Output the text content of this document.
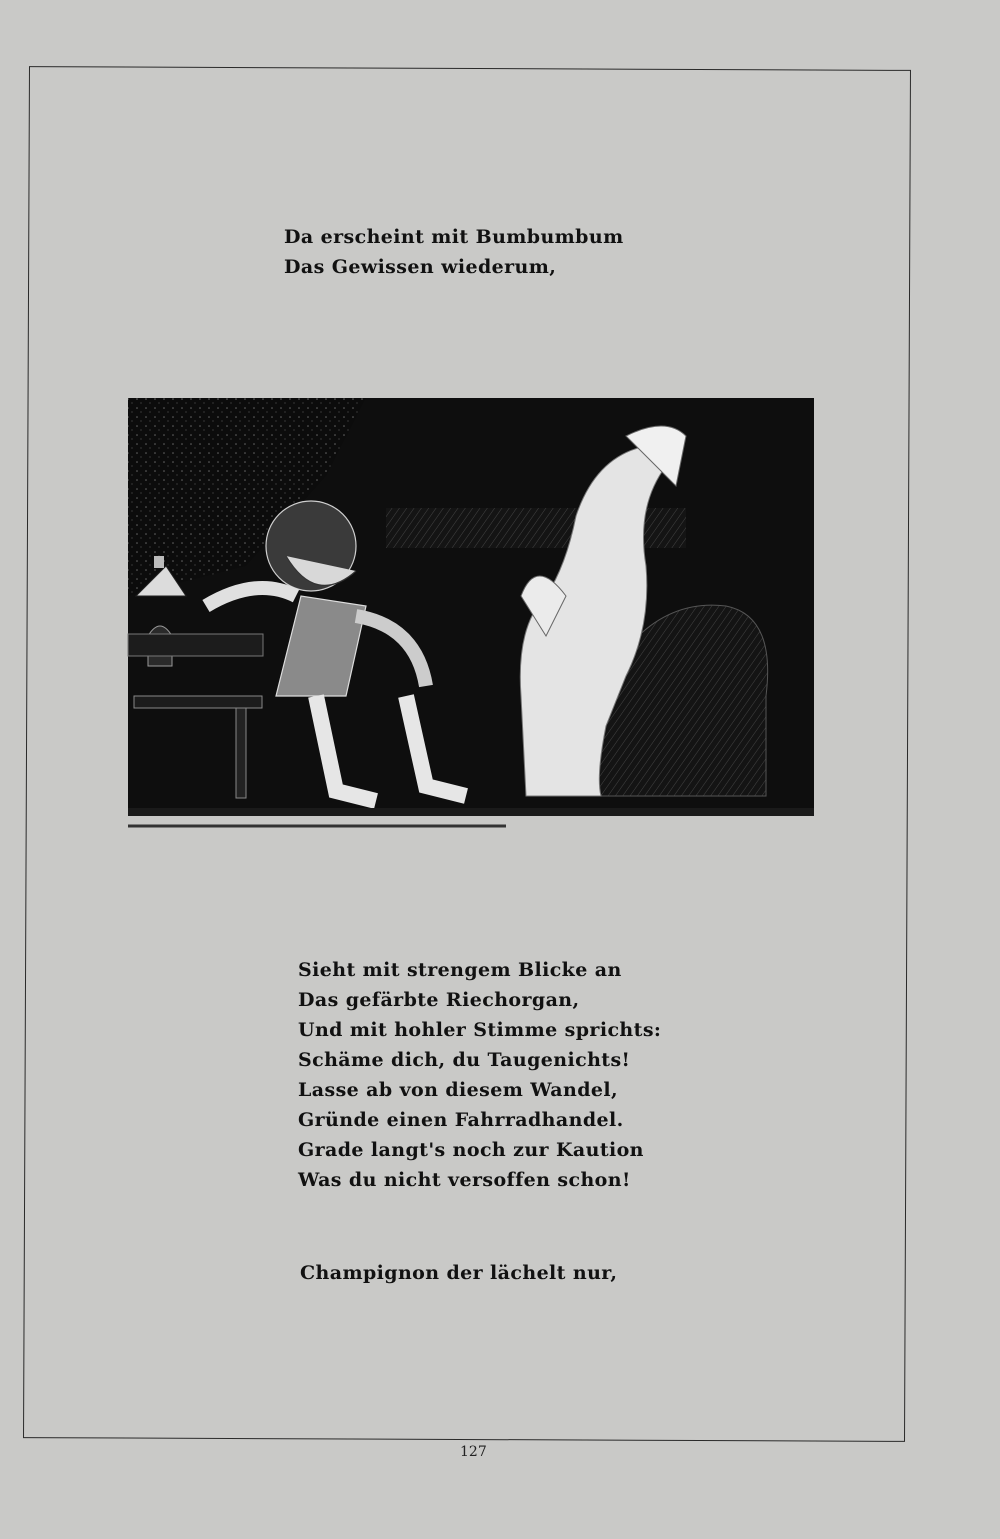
Da erscheint mit Bumbumbum
Das Gewissen wiederum,
Sieht mit strengem Blicke an
Das gefärbte Riechorgan,
Und mit hohler Stimme sprichts:
Schäme dich, du Taugenichts!
Lasse ab von diesem Wandel,
Gründe einen Fahrradhandel.
Grade langt's noch zur Kaution
Was du nicht versoffen schon!
Champignon der lächelt nur,
127
